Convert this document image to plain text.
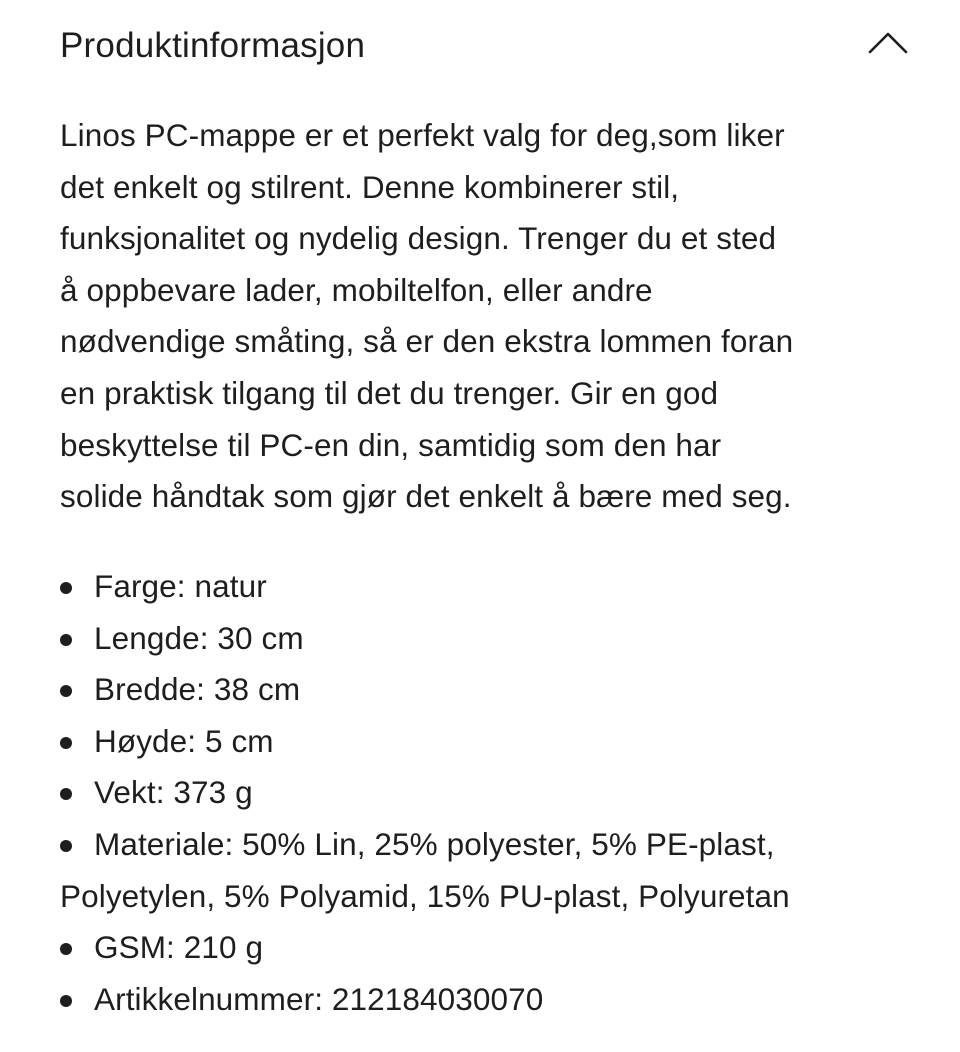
Produktinformasjon

Linos PC-mappe er et perfekt valg for deg,som liker
det enkelt og stilrent. Denne kombinerer stil,
funksjonalitet og nydelig design. Trenger du et sted
å oppbevare lader, mobiltelfon, eller andre
nødvendige småting, så er den ekstra lommen foran
en praktisk tilgang til det du trenger. Gir en god
beskyttelse til PC-en din, samtidig som den har
solide håndtak som gjør det enkelt å bære med seg.

Farge: natur
Lengde: 30 cm
Bredde: 38 cm
Høyde: 5 cm
Vekt: 373 g
Materiale: 50% Lin, 25% polyester, 5% PE-plast,
Polyetylen, 5% Polyamid, 15% PU-plast, Polyuretan
GSM: 210 g
Artikkelnummer: 212184030070
